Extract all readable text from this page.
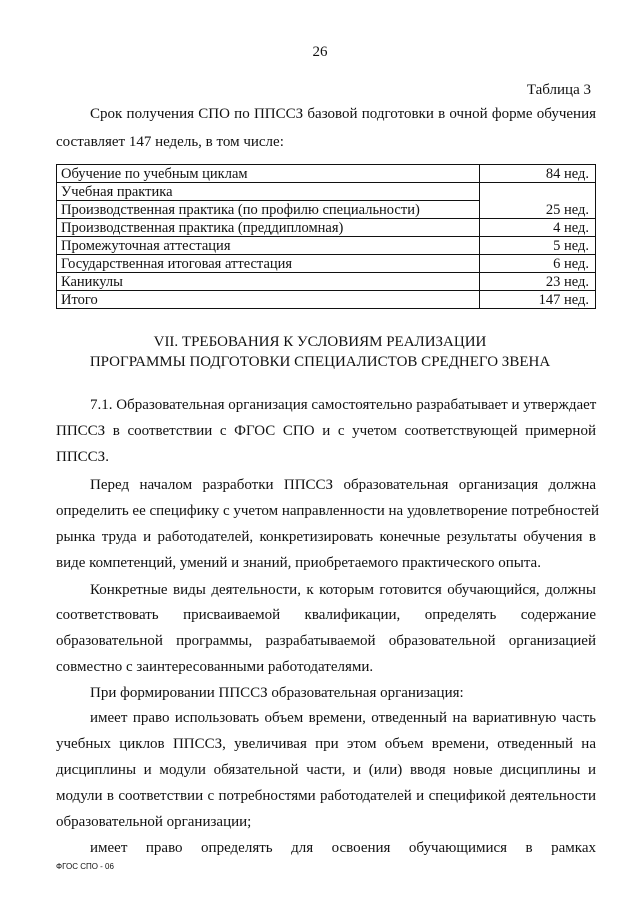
26
Таблица 3
Срок получения СПО по ППССЗ базовой подготовки в очной форме обучения
составляет 147 недель, в том числе:
Обучение по учебным циклам	84 нед.
Учебная практика	
Производственная практика (по профилю специальности)	25 нед.
Производственная практика (преддипломная)	4 нед.
Промежуточная аттестация	5 нед.
Государственная итоговая аттестация	6 нед.
Каникулы	23 нед.
Итого	147 нед.
VII. ТРЕБОВАНИЯ К УСЛОВИЯМ РЕАЛИЗАЦИИ
ПРОГРАММЫ ПОДГОТОВКИ СПЕЦИАЛИСТОВ СРЕДНЕГО ЗВЕНА
7.1. Образовательная организация самостоятельно разрабатывает и утверждает
ППССЗ в соответствии с ФГОС СПО и с учетом соответствующей примерной
ППССЗ.
Перед началом разработки ППССЗ образовательная организация должна
определить ее специфику с учетом направленности на удовлетворение потребностей
рынка труда и работодателей, конкретизировать конечные результаты обучения в
виде компетенций, умений и знаний, приобретаемого практического опыта.
Конкретные виды деятельности, к которым готовится обучающийся, должны
соответствовать присваиваемой квалификации, определять содержание
образовательной программы, разрабатываемой образовательной организацией
совместно с заинтересованными работодателями.
При формировании ППССЗ образовательная организация:
имеет право использовать объем времени, отведенный на вариативную часть
учебных циклов ППССЗ, увеличивая при этом объем времени, отведенный на
дисциплины и модули обязательной части, и (или) вводя новые дисциплины и
модули в соответствии с потребностями работодателей и спецификой деятельности
образовательной организации;
имеет право определять для освоения обучающимися в рамках
ФГОС СПО - 06
